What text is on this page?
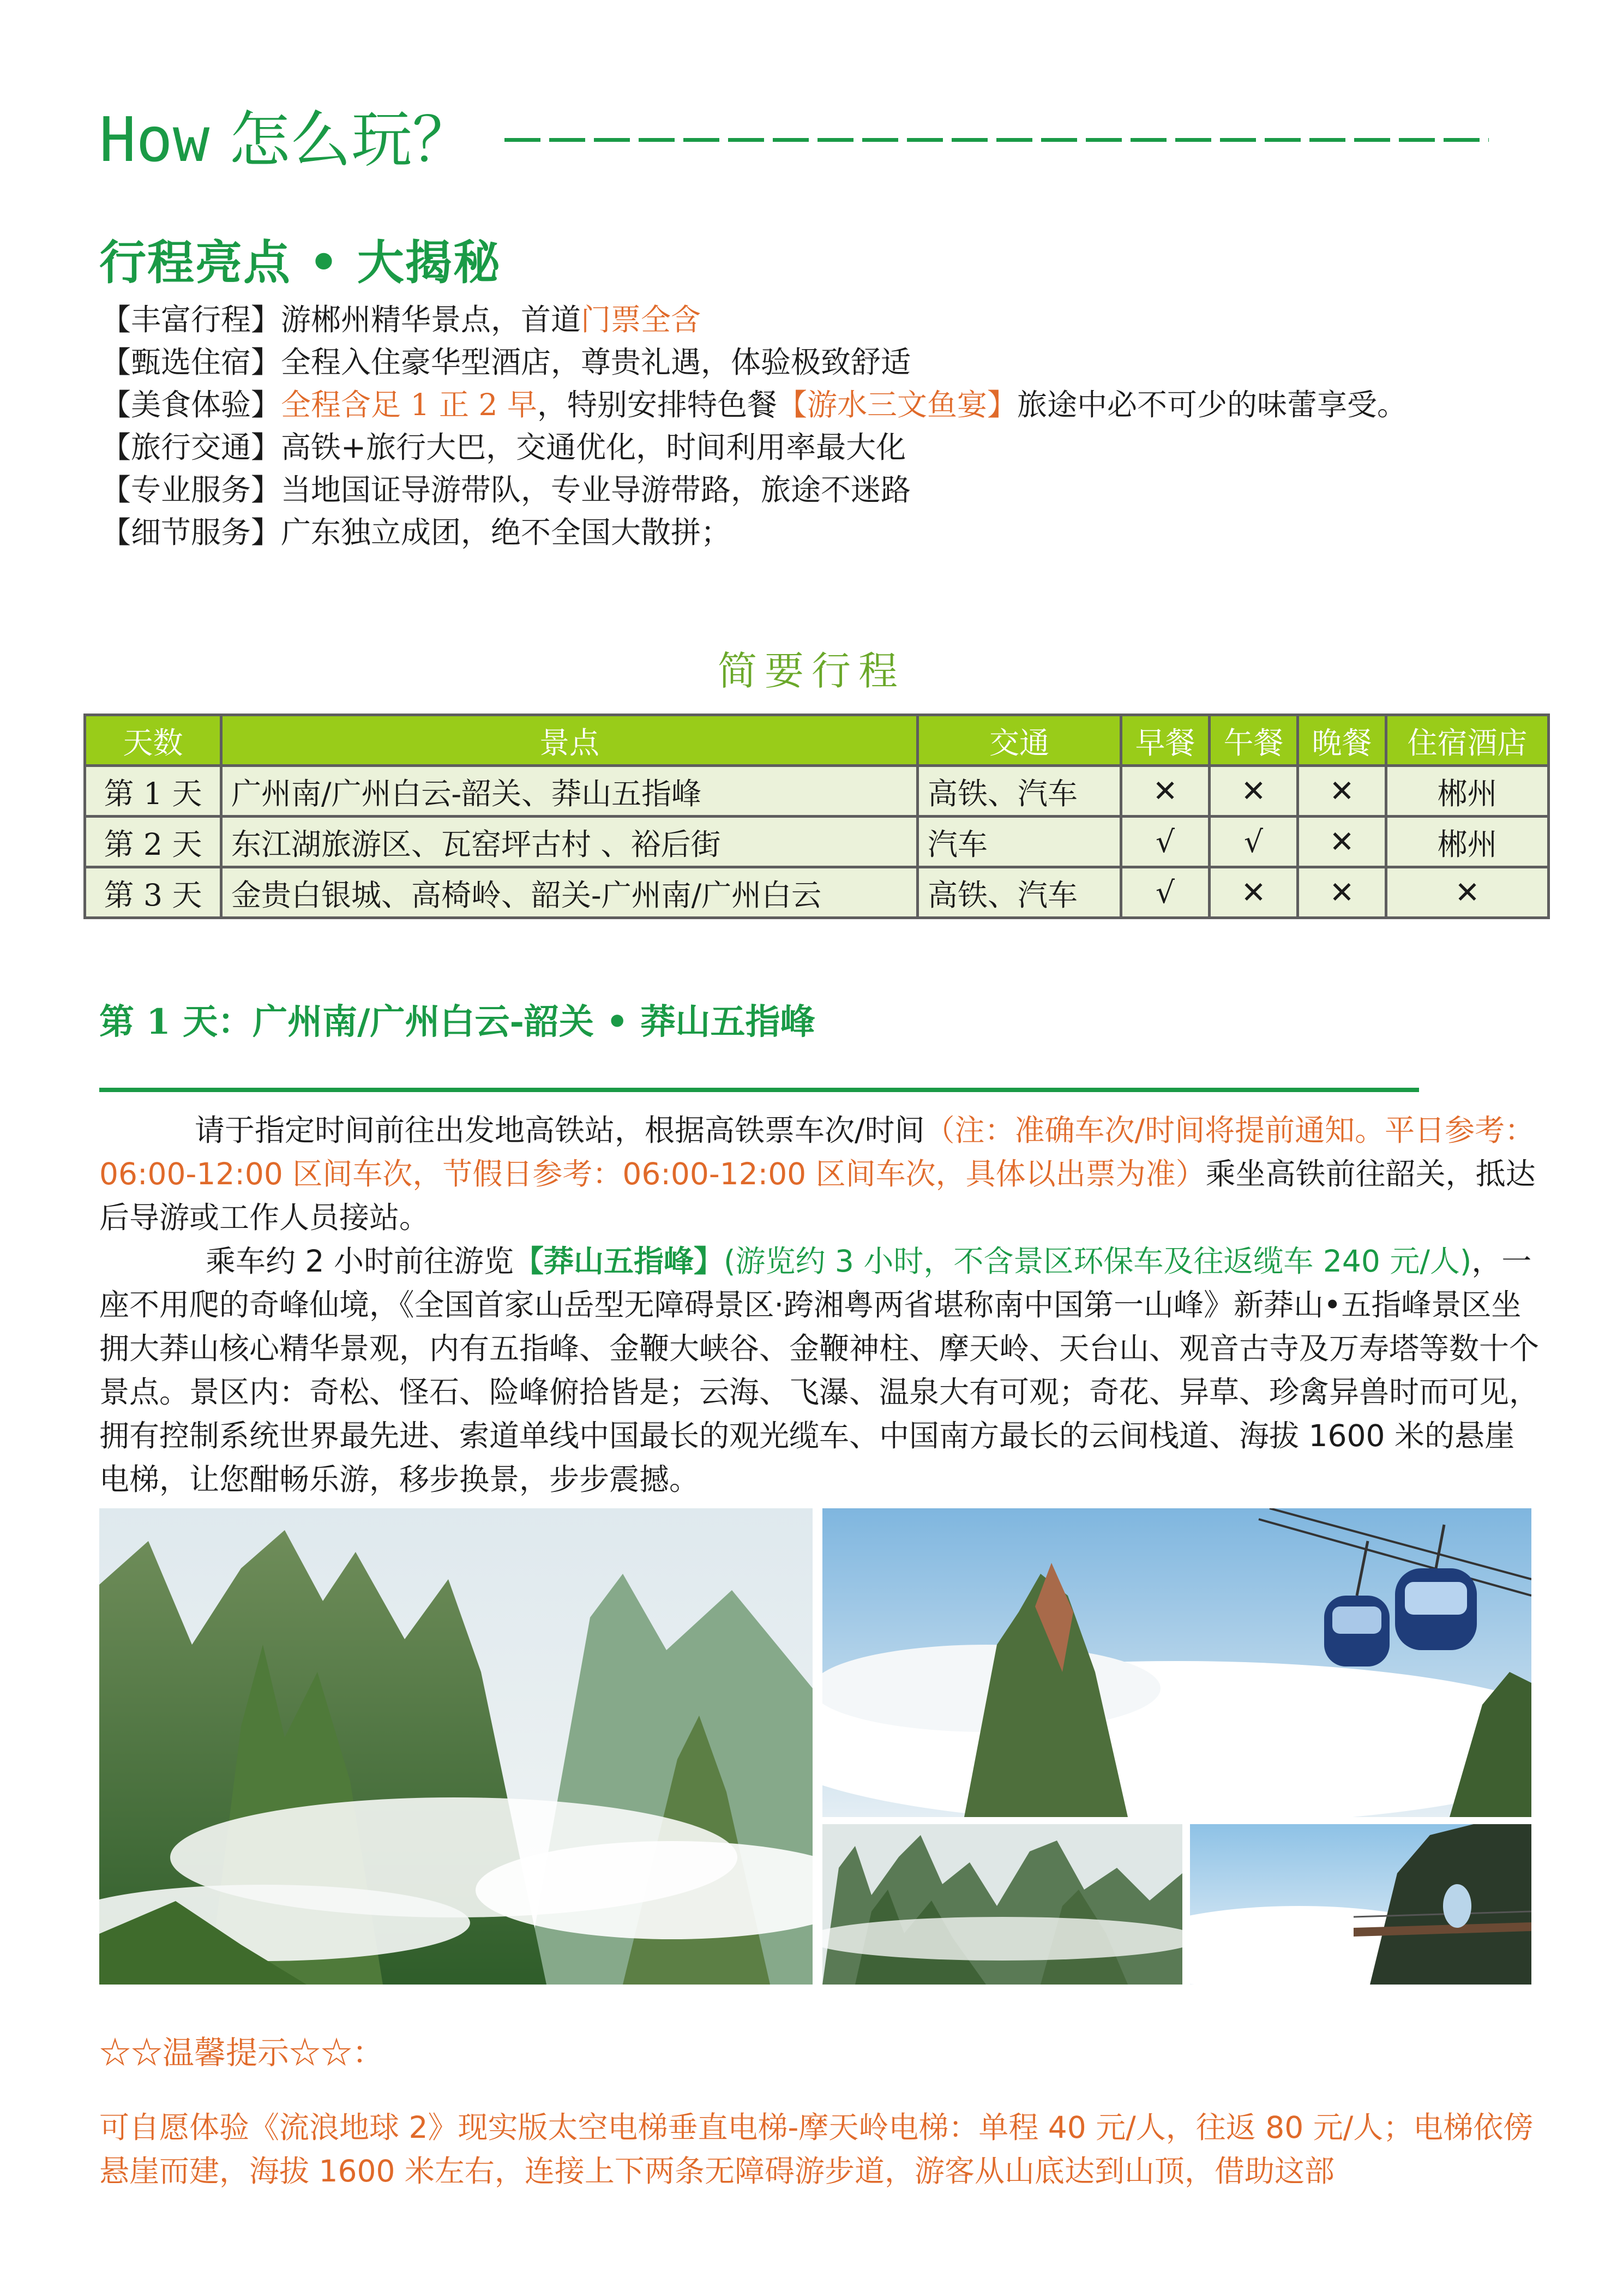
How 怎么玩？
行程亮点 • 大揭秘
【丰富行程】游郴州精华景点，首道门票全含
【甄选住宿】全程入住豪华型酒店，尊贵礼遇，体验极致舒适
【美食体验】全程含足 1 正 2 早，特别安排特色餐【游水三文鱼宴】旅途中必不可少的味蕾享受。
【旅行交通】高铁+旅行大巴，交通优化，时间利用率最大化
【专业服务】当地国证导游带队，专业导游带路，旅途不迷路
【细节服务】广东独立成团，绝不全国大散拼；
简要行程
天数	景点	交通	早餐	午餐	晚餐	住宿酒店
第 1 天	广州南/广州白云-韶关、莽山五指峰	高铁、汽车	✕	✕	✕	郴州
第 2 天	东江湖旅游区、瓦窑坪古村 、裕后街	汽车	√	√	✕	郴州
第 3 天	金贵白银城、高椅岭、韶关-广州南/广州白云	高铁、汽车	√	✕	✕	✕
第 1 天：广州南/广州白云-韶关 • 莽山五指峰
请于指定时间前往出发地高铁站，根据高铁票车次/时间（注：准确车次/时间将提前通知。平日参考：06:00-12:00 区间车次，节假日参考：06:00-12:00 区间车次，具体以出票为准）乘坐高铁前往韶关，抵达后导游或工作人员接站。
乘车约 2 小时前往游览【莽山五指峰】(游览约 3 小时，不含景区环保车及往返缆车 240 元/人)，一座不用爬的奇峰仙境，《全国首家山岳型无障碍景区·跨湘粤两省堪称南中国第一山峰》新莽山•五指峰景区坐拥大莽山核心精华景观，内有五指峰、金鞭大峡谷、金鞭神柱、摩天岭、天台山、观音古寺及万寿塔等数十个景点。景区内：奇松、怪石、险峰俯拾皆是；云海、飞瀑、温泉大有可观；奇花、异草、珍禽异兽时而可见，拥有控制系统世界最先进、索道单线中国最长的观光缆车、中国南方最长的云间栈道、海拔 1600 米的悬崖电梯，让您酣畅乐游，移步换景，步步震撼。
☆☆温馨提示☆☆：
可自愿体验《流浪地球 2》现实版太空电梯垂直电梯-摩天岭电梯：单程 40 元/人，往返 80 元/人；电梯依傍悬崖而建，海拔 1600 米左右，连接上下两条无障碍游步道，游客从山底达到山顶，借助这部
